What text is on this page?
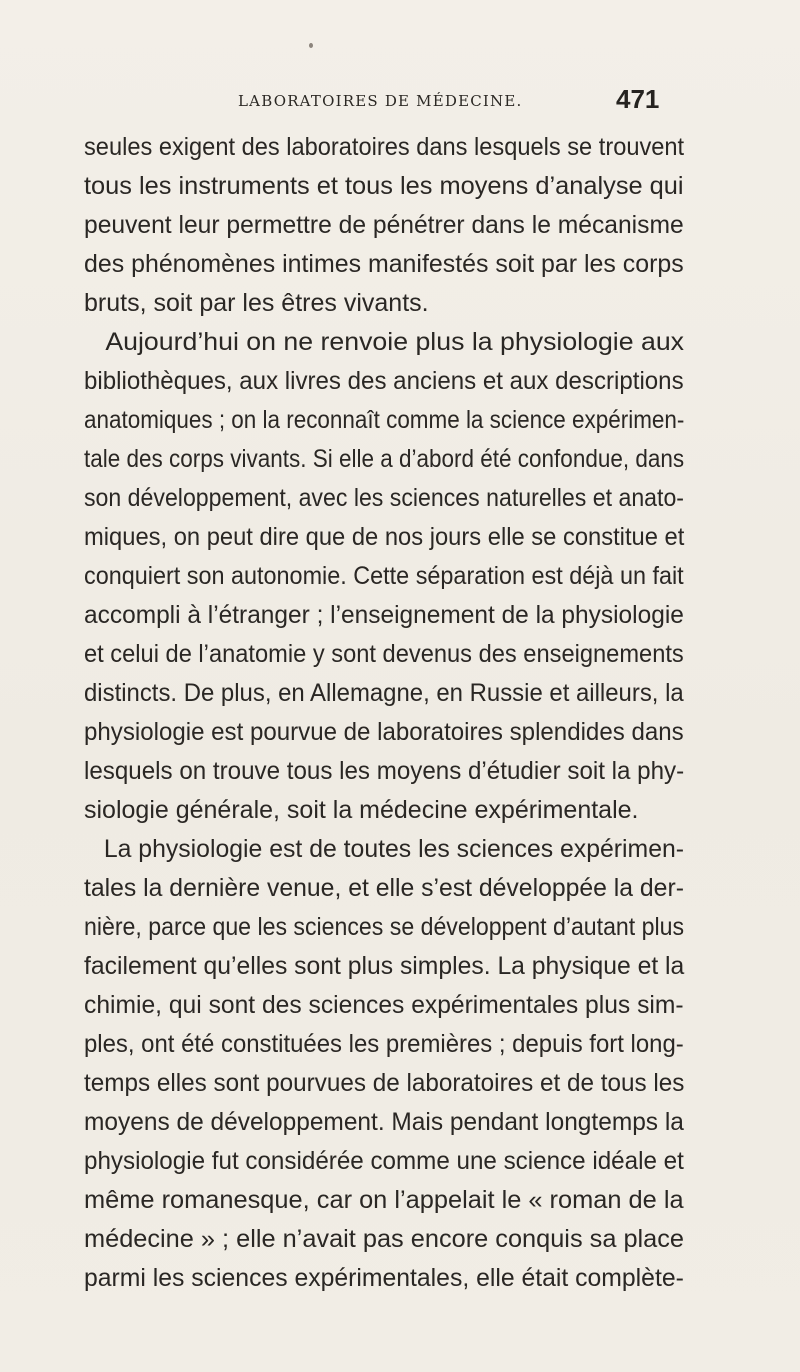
LABORATOIRES DE MÉDECINE.	471
seules exigent des laboratoires dans lesquels se trouvent
tous les instruments et tous les moyens d’analyse qui
peuvent leur permettre de pénétrer dans le mécanisme
des phénomènes intimes manifestés soit par les corps
bruts, soit par les êtres vivants.
Aujourd’hui on ne renvoie plus la physiologie aux
bibliothèques, aux livres des anciens et aux descriptions
anatomiques ; on la reconnaît comme la science expérimen-
tale des corps vivants. Si elle a d’abord été confondue, dans
son développement, avec les sciences naturelles et anato-
miques, on peut dire que de nos jours elle se constitue et
conquiert son autonomie. Cette séparation est déjà un fait
accompli à l’étranger ; l’enseignement de la physiologie
et celui de l’anatomie y sont devenus des enseignements
distincts. De plus, en Allemagne, en Russie et ailleurs, la
physiologie est pourvue de laboratoires splendides dans
lesquels on trouve tous les moyens d’étudier soit la phy-
siologie générale, soit la médecine expérimentale.
La physiologie est de toutes les sciences expérimen-
tales la dernière venue, et elle s’est développée la der-
nière, parce que les sciences se développent d’autant plus
facilement qu’elles sont plus simples. La physique et la
chimie, qui sont des sciences expérimentales plus sim-
ples, ont été constituées les premières ; depuis fort long-
temps elles sont pourvues de laboratoires et de tous les
moyens de développement. Mais pendant longtemps la
physiologie fut considérée comme une science idéale et
même romanesque, car on l’appelait le « roman de la
médecine » ; elle n’avait pas encore conquis sa place
parmi les sciences expérimentales, elle était complète-
